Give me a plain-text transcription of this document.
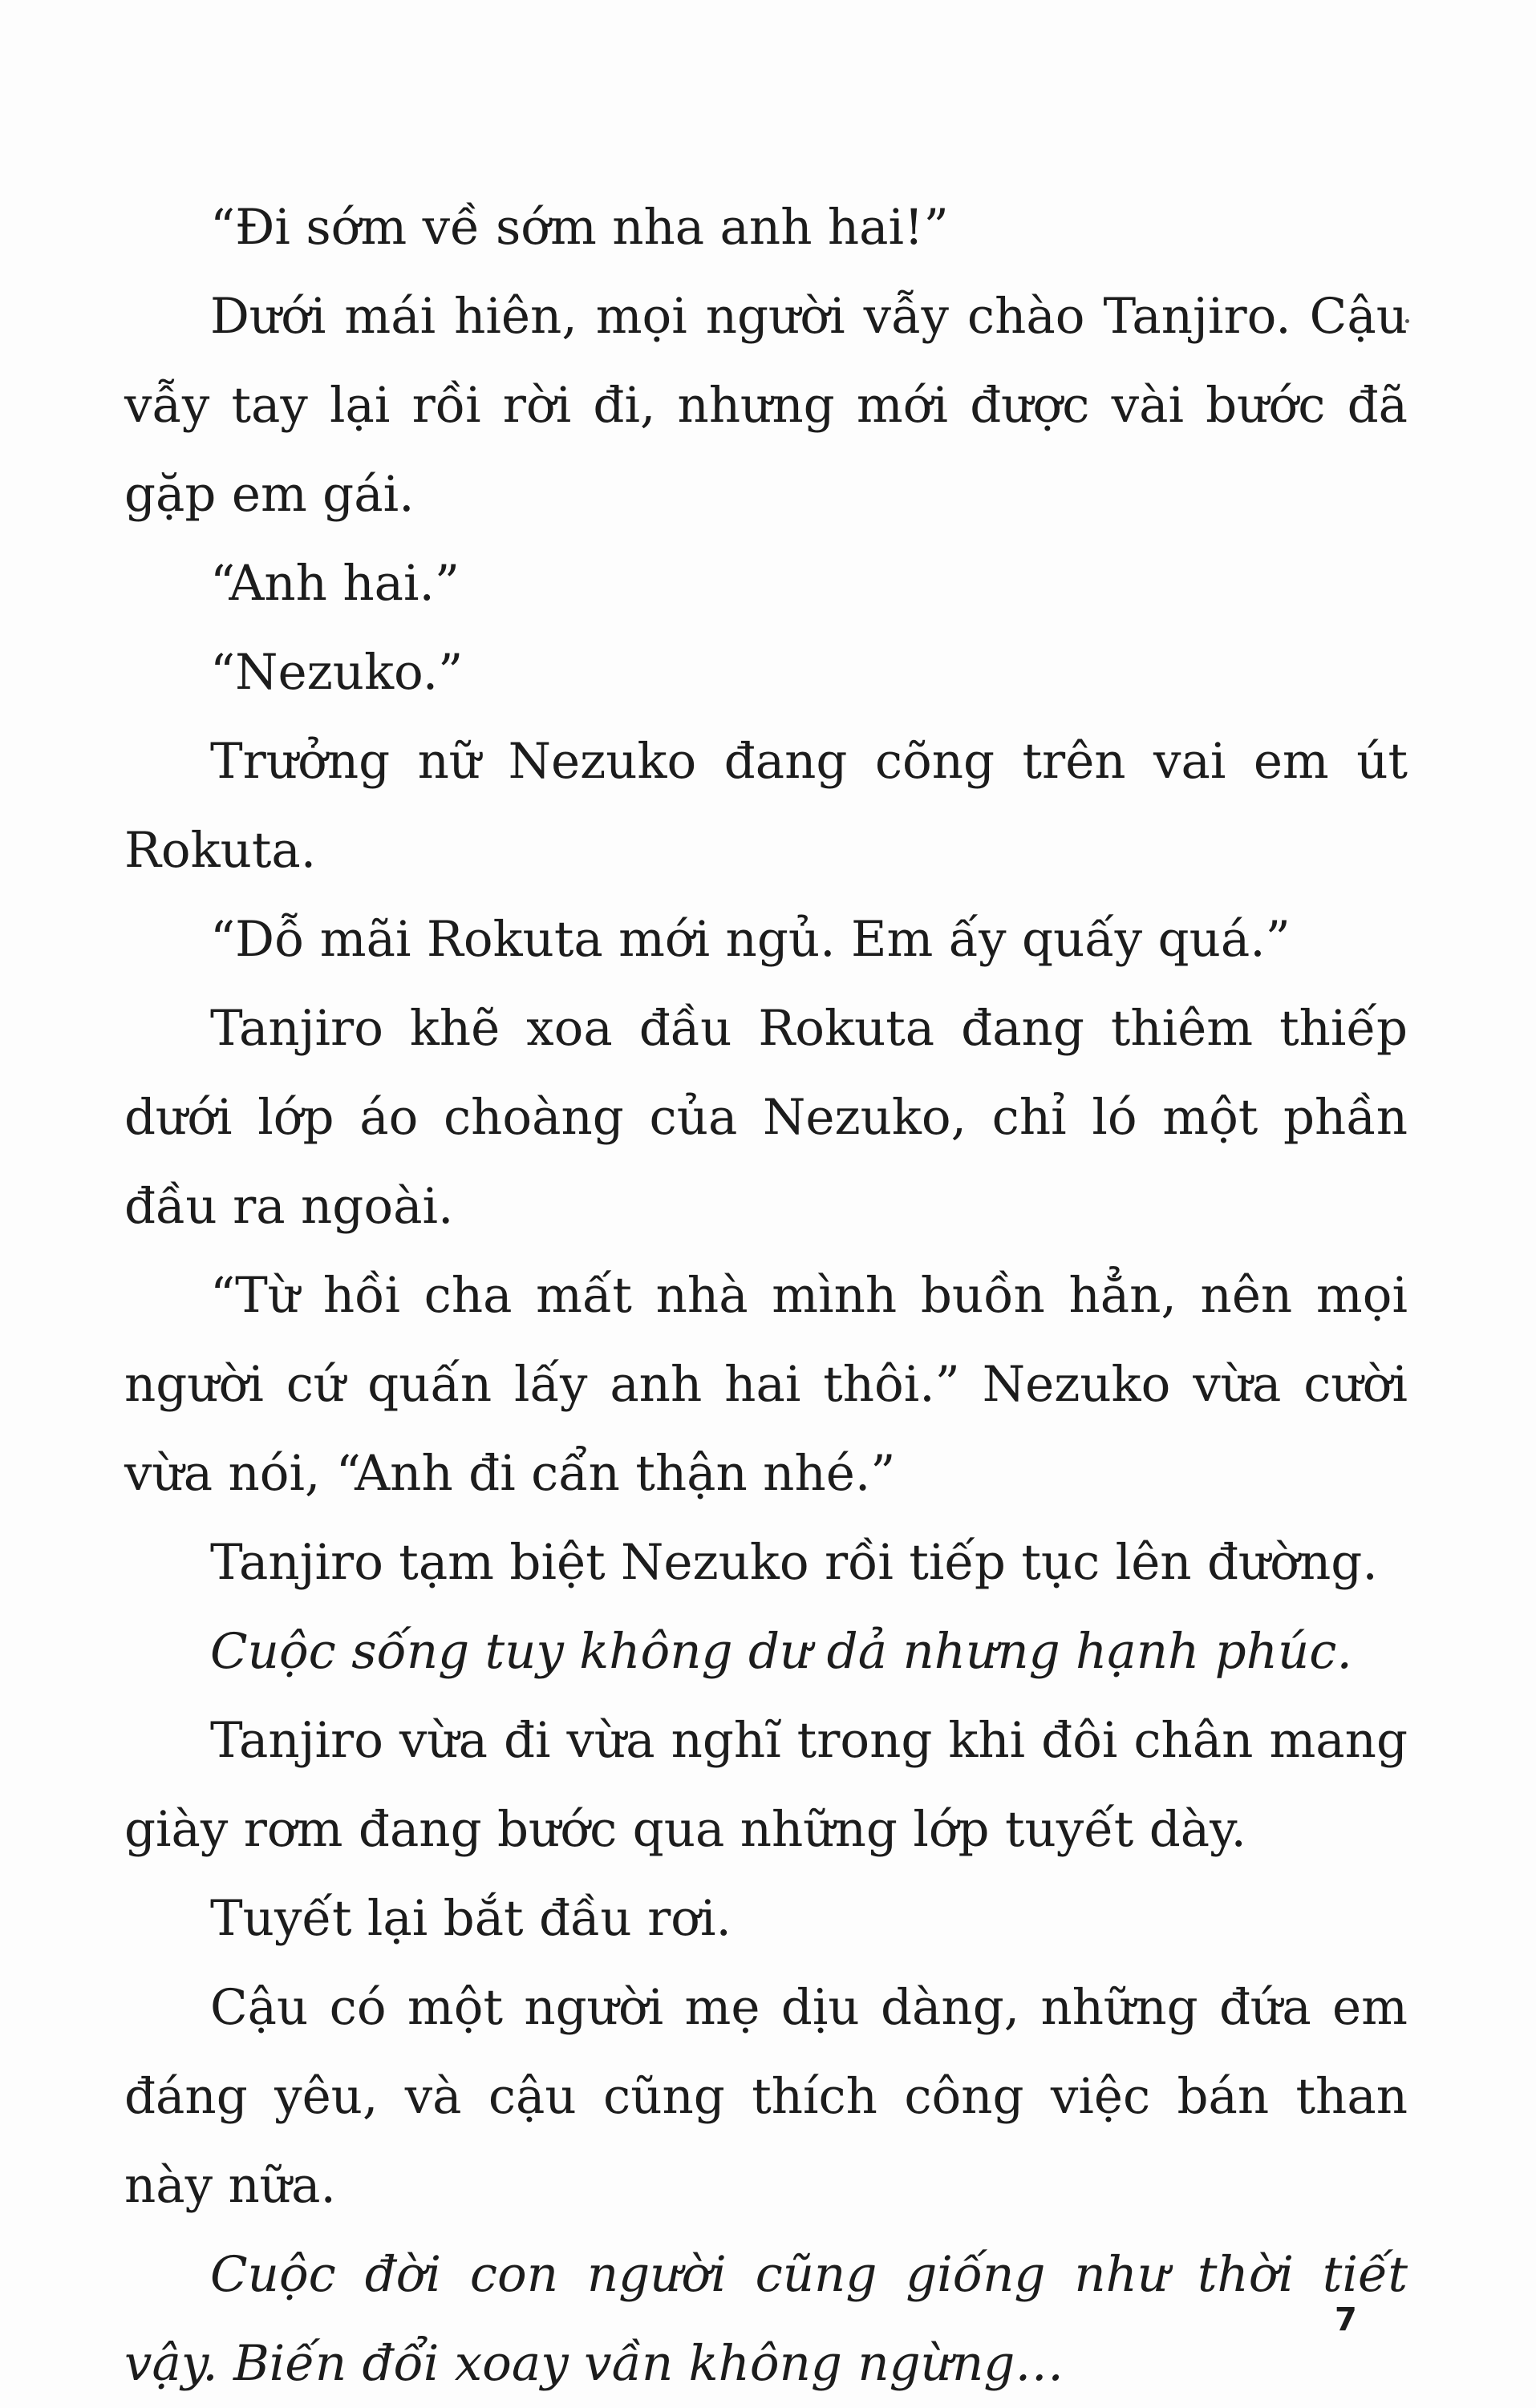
“Đi sớm về sớm nha anh hai!”

Dưới mái hiên, mọi người vẫy chào Tanjiro. Cậu vẫy tay lại rồi rời đi, nhưng mới được vài bước đã gặp em gái.

“Anh hai.”

“Nezuko.”

Trưởng nữ Nezuko đang cõng trên vai em út Rokuta.

“Dỗ mãi Rokuta mới ngủ. Em ấy quấy quá.”

Tanjiro khẽ xoa đầu Rokuta đang thiêm thiếp dưới lớp áo choàng của Nezuko, chỉ ló một phần đầu ra ngoài.

“Từ hồi cha mất nhà mình buồn hẳn, nên mọi người cứ quấn lấy anh hai thôi.” Nezuko vừa cười vừa nói, “Anh đi cẩn thận nhé.”

Tanjiro tạm biệt Nezuko rồi tiếp tục lên đường.

Cuộc sống tuy không dư dả nhưng hạnh phúc.

Tanjiro vừa đi vừa nghĩ trong khi đôi chân mang giày rơm đang bước qua những lớp tuyết dày.

Tuyết lại bắt đầu rơi.

Cậu có một người mẹ dịu dàng, những đứa em đáng yêu, và cậu cũng thích công việc bán than này nữa.

Cuộc đời con người cũng giống như thời tiết vậy. Biến đổi xoay vần không ngừng…

7
